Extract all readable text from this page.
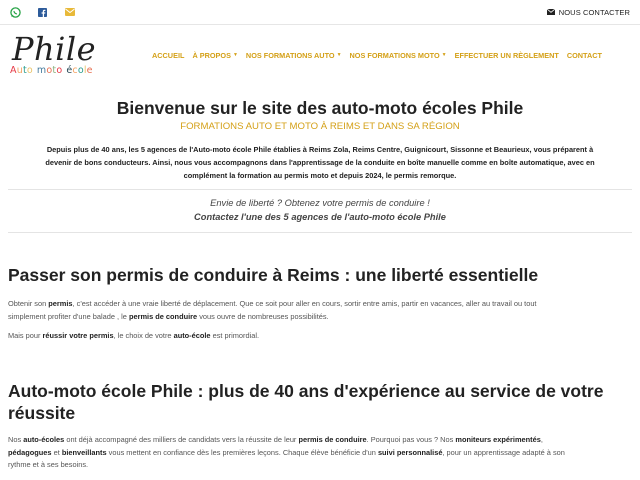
NOUS CONTACTER
Phile
Auto moto école
ACCUEIL À PROPOS ▼ NOS FORMATIONS AUTO ▼ NOS FORMATIONS MOTO ▼ EFFECTUER UN RÈGLEMENT CONTACT
Bienvenue sur le site des auto-moto écoles Phile
FORMATIONS AUTO ET MOTO À REIMS ET DANS SA RÉGION
Depuis plus de 40 ans, les 5 agences de l'Auto-moto école Phile établies à Reims Zola, Reims Centre, Guignicourt, Sissonne et Beaurieux, vous préparent à
devenir de bons conducteurs. Ainsi, nous vous accompagnons dans l'apprentissage de la conduite en boîte manuelle comme en boîte automatique, avec en
complément la formation au permis moto et depuis 2024, le permis remorque.
Envie de liberté ? Obtenez votre permis de conduire !
Contactez l'une des 5 agences de l'auto-moto école Phile
Passer son permis de conduire à Reims : une liberté essentielle
Obtenir son permis, c'est accéder à une vraie liberté de déplacement. Que ce soit pour aller en cours, sortir entre amis, partir en vacances, aller au travail ou tout
simplement profiter d'une balade , le permis de conduire vous ouvre de nombreuses possibilités.
Mais pour réussir votre permis, le choix de votre auto-école est primordial.
Auto-moto école Phile : plus de 40 ans d'expérience au service de votre
réussite
Nos auto-écoles ont déjà accompagné des milliers de candidats vers la réussite de leur permis de conduire. Pourquoi pas vous ? Nos moniteurs expérimentés,
pédagogues et bienveillants vous mettent en confiance dès les premières leçons. Chaque élève bénéficie d'un suivi personnalisé, pour un apprentissage adapté à son
rythme et à ses besoins.
